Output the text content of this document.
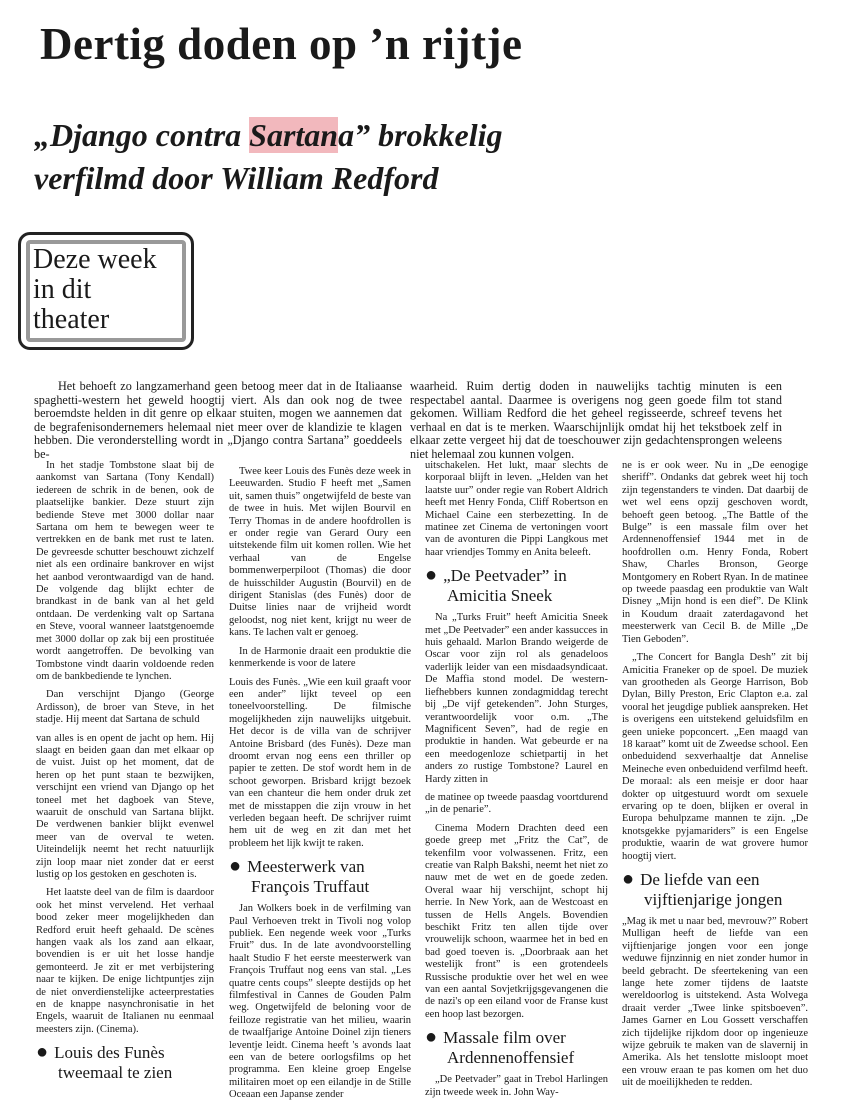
Dertig doden op ’n rijtje
„Django contra Sartana” brokkelig
verfilmd door William Redford
Deze week
in dit
theater
Het behoeft zo langzamerhand geen betoog meer dat in de Italiaanse spaghetti-western het geweld hoogtij viert. Als dan ook nog de twee beroemdste helden in dit genre op elkaar stuiten, mogen we aannemen dat de begrafenisondernemers helemaal niet meer over de klandizie te klagen hebben. Die veronderstelling wordt in „Django contra Sartana” goeddeels be-
waarheid. Ruim dertig doden in nauwelijks tachtig minuten is een respectabel aantal. Daarmee is overigens nog geen goede film tot stand gekomen. William Redford die het geheel regisseerde, schreef tevens het verhaal en dat is te merken. Waarschijnlijk omdat hij het tekstboek zelf in elkaar zette vergeet hij dat de toeschouwer zijn gedachtensprongen weleens niet helemaal zou kunnen volgen.

In het stadje Tombstone slaat bij de aankomst van Sartana (Tony Kendall) iedereen de schrik in de benen, ook de plaatselijke bankier. Deze stuurt zijn bediende Steve met 3000 dollar naar Sartana om hem te bewegen weer te vertrekken en de bank met rust te laten. De gevreesde schutter beschouwt zichzelf niet als een ordinaire bankrover en wijst het aanbod verontwaardigd van de hand. De volgende dag blijkt echter de brandkast in de bank van al het geld ontdaan. De verdenking valt op Sartana en Steve, vooral wanneer laatstgenoemde met 3000 dollar op zak bij een prostituée wordt aangetroffen. De bevolking van Tombstone vindt daarin voldoende reden om de bankbediende te lynchen.

Dan verschijnt Django (George Ardisson), de broer van Steve, in het stadje. Hij meent dat Sartana de schuld

van alles is en opent de jacht op hem. Hij slaagt en beiden gaan dan met elkaar op de vuist. Juist op het moment, dat de heren op het punt staan te bezwijken, verschijnt een vriend van Django op het toneel met het dagboek van Steve, waaruit de onschuld van Sartana blijkt. De verdwenen bankier blijkt evenwel meer van de overval te weten. Uiteindelijk neemt het recht natuurlijk zijn loop maar niet zonder dat er eerst lustig op los gestoken en geschoten is.

Het laatste deel van de film is daardoor ook het minst vervelend. Het verhaal bood zeker meer mogelijkheden dan Redford eruit heeft gehaald. De scènes hangen vaak als los zand aan elkaar, bovendien is er uit het losse handje gemonteerd. Je zit er met verbijstering naar te kijken. De enige lichtpuntjes zijn de niet onverdienstelijke acteerprestaties en de knappe nasynchronisatie in het Engels, waaruit de Italianen nu eenmaal meesters zijn. (Cinema).

● Louis des Funès
tweemaal te zien

Twee keer Louis des Funès deze week in Leeuwarden. Studio F heeft met „Samen uit, samen thuis” ongetwijfeld de beste van de twee in huis. Met wijlen Bourvil en Terry Thomas in de andere hoofdrollen is er onder regie van Gerard Oury een uitstekende film uit komen rollen. Wie het verhaal van de Engelse bommenwerperpiloot (Thomas) die door de huisschilder Augustin (Bourvil) en de dirigent Stanislas (des Funès) door de Duitse linies naar de vrijheid wordt geloodst, nog niet kent, krijgt nu weer de kans. Te lachen valt er genoeg.

In de Harmonie draait een produktie die kenmerkende is voor de latere

Louis des Funès. „Wie een kuil graaft voor een ander” lijkt teveel op een toneelvoorstelling. De filmische mogelijkheden zijn nauwelijks uitgebuit. Het decor is de villa van de schrijver Antoine Brisbard (des Funès). Deze man droomt ervan nog eens een thriller op papier te zetten. De stof wordt hem in de schoot geworpen. Brisbard krijgt bezoek van een chanteur die hem onder druk zet met de misstappen die zijn vrouw in het verleden begaan heeft. De schrijver ruimt hem uit de weg en zit dan met het probleem het lijk kwijt te raken.

● Meesterwerk van
François Truffaut

Jan Wolkers boek in de verfilming van Paul Verhoeven trekt in Tivoli nog volop publiek. Een negende week voor „Turks Fruit” dus. In de late avondvoorstelling haalt Studio F het eerste meesterwerk van François Truffaut nog eens van stal. „Les quatre cents coups” sleepte destijds op het filmfestival in Cannes de Gouden Palm weg. Ongetwijfeld de beloning voor de feilloze registratie van het milieu, waarin de twaalfjarige Antoine Doinel zijn tieners leventje leidt. Cinema heeft 's avonds laat een van de betere oorlogsfilms op het programma. Een kleine groep Engelse militairen moet op een eilandje in de Stille Oceaan een Japanse zender

uitschakelen. Het lukt, maar slechts de korporaal blijft in leven. „Helden van het laatste uur” onder regie van Robert Aldrich heeft met Henry Fonda, Cliff Robertson en Michael Caine een sterbezetting. In de matinee zet Cinema de vertoningen voort van de avonturen die Pippi Langkous met haar vriendjes Tommy en Anita beleeft.

● „De Peetvader” in
Amicitia Sneek

Na „Turks Fruit” heeft Amicitia Sneek met „De Peetvader” een ander kassucces in huis gehaald. Marlon Brando weigerde de Oscar voor zijn rol als genadeloos vaderlijk leider van een misdaadsyndicaat. De Maffia stond model. De western-liefhebbers kunnen zondagmiddag terecht bij „De vijf getekenden”. John Sturges, verantwoordelijk voor o.m. „The Magnificent Seven”, had de regie en produktie in handen. Wat gebeurde er na een meedogenloze schietpartij in het anders zo rustige Tombstone? Laurel en Hardy zitten in

de matinee op tweede paasdag voortdurend „in de penarie”.

Cinema Modern Drachten deed een goede greep met „Fritz the Cat”, de tekenfilm voor volwassenen. Fritz, een creatie van Ralph Bakshi, neemt het niet zo nauw met de wet en de goede zeden. Overal waar hij verschijnt, schopt hij herrie. In New York, aan de Westcoast en tussen de Hells Angels. Bovendien beschikt Fritz ten allen tijde over vrouwelijk schoon, waarmee het in bed en bad goed toeven is. „Doorbraak aan het westelijk front” is een grotendeels Russische produktie over het wel en wee van een aantal Sovjetkrijgsgevangenen die de nazi's op een eiland voor de Franse kust een hoop last bezorgen.

● Massale film over
Ardennenoffensief

„De Peetvader” gaat in Trebol Harlingen zijn tweede week in. John Way-

ne is er ook weer. Nu in „De eenogige sheriff”. Ondanks dat gebrek weet hij toch zijn tegenstanders te vinden. Dat daarbij de wet wel eens opzij geschoven wordt, behoeft geen betoog. „The Battle of the Bulge” is een massale film over het Ardennenoffensief 1944 met in de hoofdrollen o.m. Henry Fonda, Robert Shaw, Charles Bronson, George Montgomery en Robert Ryan. In de matinee op tweede paasdag een produktie van Walt Disney „Mijn hond is een dief”. De Klink in Koudum draait zaterdagavond het meesterwerk van Cecil B. de Mille „De Tien Geboden”.

„The Concert for Bangla Desh” zit bij Amicitia Franeker op de spoel. De muziek van grootheden als George Harrison, Bob Dylan, Billy Preston, Eric Clapton e.a. zal vooral het jeugdige publiek aanspreken. Het is overigens een uitstekend geluidsfilm en geen unieke popconcert. „Een maagd van 18 karaat” komt uit de Zweedse school. Een onbeduidend sexverhaaltje dat Annelise Meineche even onbeduidend verfilmd heeft. De moraal: als een meisje er door haar dokter op uitgestuurd wordt om sexuele ervaring op te doen, blijken er overal in Europa behulpzame mannen te zijn. „De knotsgekke pyjamariders” is een Engelse produktie, waarin de wat grovere humor hoogtij viert.

● De liefde van een
vijftienjarige jongen

„Mag ik met u naar bed, mevrouw?” Robert Mulligan heeft de liefde van een vijftienjarige jongen voor een jonge weduwe fijnzinnig en niet zonder humor in beeld gebracht. De sfeertekening van een lange hete zomer tijdens de laatste wereldoorlog is uitstekend. Asta Wolvega draait verder „Twee linke spitsboeven”. James Garner en Lou Gossett verschaffen zich tijdelijke rijkdom door op ingenieuze wijze gebruik te maken van de slavernij in Amerika. Als het tenslotte misloopt moet een vrouw eraan te pas komen om het duo uit de moeilijkheden te redden.
